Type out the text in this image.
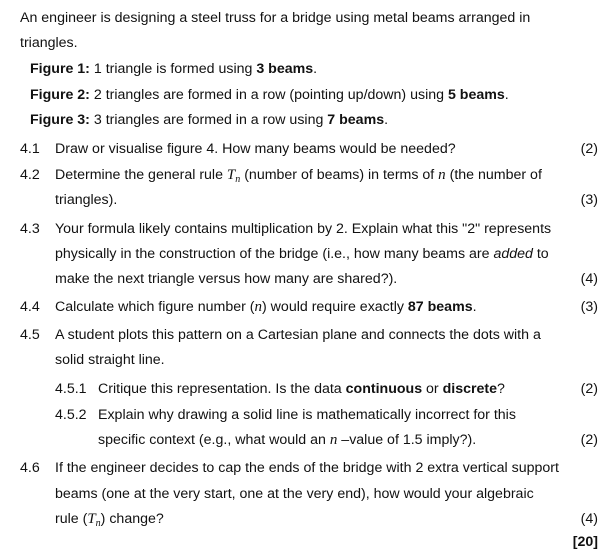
An engineer is designing a steel truss for a bridge using metal beams arranged in
triangles.
Figure 1: 1 triangle is formed using 3 beams.
Figure 2: 2 triangles are formed in a row (pointing up/down) using 5 beams.
Figure 3: 3 triangles are formed in a row using 7 beams.
4.1 Draw or visualise figure 4. How many beams would be needed?	(2)
4.2 Determine the general rule $T_n$ (number of beams) in terms of n (the number of
triangles).	(3)
4.3 Your formula likely contains multiplication by 2. Explain what this "2" represents
physically in the construction of the bridge (i.e., how many beams are added to
make the next triangle versus how many are shared?).	(4)
4.4 Calculate which figure number (n) would require exactly 87 beams.	(3)
4.5 A student plots this pattern on a Cartesian plane and connects the dots with a
solid straight line.
4.5.1 Critique this representation. Is the data continuous or discrete?	(2)
4.5.2 Explain why drawing a solid line is mathematically incorrect for this
specific context (e.g., what would an n –value of 1.5 imply?).	(2)
4.6 If the engineer decides to cap the ends of the bridge with 2 extra vertical support
beams (one at the very start, one at the very end), how would your algebraic
rule $(T_n)$ change?	(4)
[20]
